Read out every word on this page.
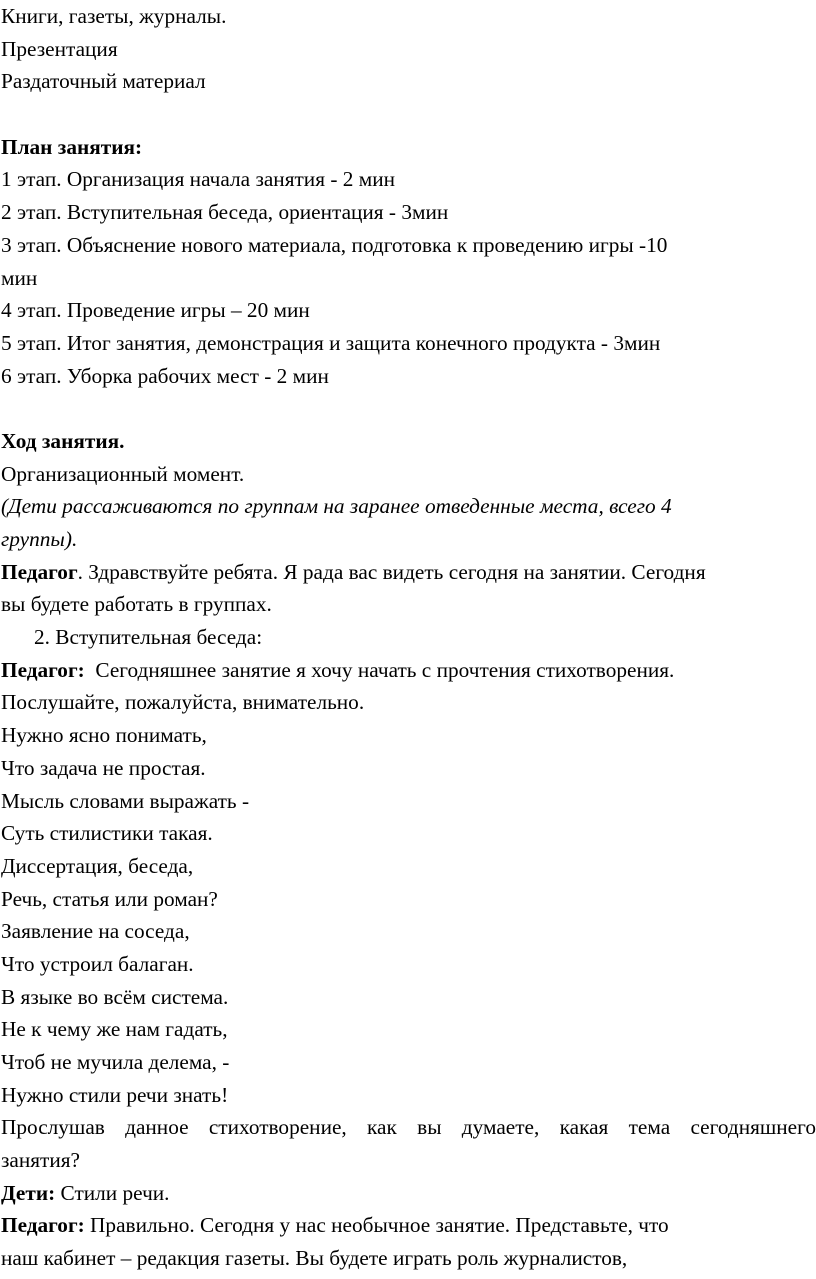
Книги, газеты, журналы.
Презентация
Раздаточный материал
План занятия:
1 этап. Организация начала занятия - 2 мин
2 этап. Вступительная беседа, ориентация - 3мин
3 этап. Объяснение нового материала, подготовка к проведению игры -10
мин
4 этап. Проведение игры – 20 мин
5 этап. Итог занятия, демонстрация и защита конечного продукта - 3мин
6 этап. Уборка рабочих мест - 2 мин
Ход занятия.
Организационный момент.
(Дети рассаживаются по группам на заранее отведенные места, всего 4
группы).
Педагог. Здравствуйте ребята. Я рада вас видеть сегодня на занятии. Сегодня
вы будете работать в группах.
2. Вступительная беседа:
Педагог:  Сегодняшнее занятие я хочу начать с прочтения стихотворения.
Послушайте, пожалуйста, внимательно.
Нужно ясно понимать,
Что задача не простая.
Мысль словами выражать -
Суть стилистики такая.
Диссертация, беседа,
Речь, статья или роман?
Заявление на соседа,
Что устроил балаган.
В языке во всём система.
Не к чему же нам гадать,
Чтоб не мучила делема, -
Нужно стили речи знать!
Прослушав данное стихотворение, как вы думаете, какая тема сегодняшнего
занятия?
Дети: Стили речи.
Педагог: Правильно. Сегодня у нас необычное занятие. Представьте, что
наш кабинет – редакция газеты. Вы будете играть роль журналистов,
